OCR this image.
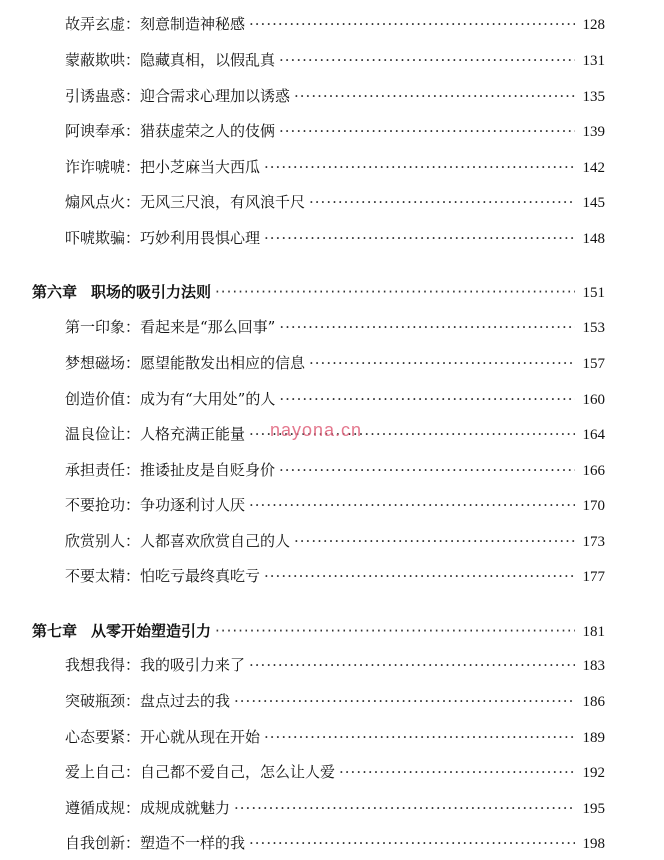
故弄玄虚：刻意制造神秘感 ·····	128
蒙蔽欺哄：隐藏真相，以假乱真 ·····	131
引诱蛊惑：迎合需求心理加以诱惑 ·····	135
阿谀奉承：猎获虚荣之人的伎俩 ·····	139
诈诈唬唬：把小芝麻当大西瓜 ·····	142
煽风点火：无风三尺浪，有风浪千尺 ·····	145
吓唬欺骗：巧妙利用畏惧心理 ·····	148
第六章 职场的吸引力法则 ·····	151
第一印象：看起来是“那么回事” ·····	153
梦想磁场：愿望能散发出相应的信息 ·····	157
创造价值：成为有“大用处”的人 ·····	160
温良俭让：人格充满正能量 ·····	164
承担责任：推诿扯皮是自贬身价 ·····	166
不要抢功：争功逐利讨人厌 ·····	170
欣赏别人：人都喜欢欣赏自己的人 ·····	173
不要太精：怕吃亏最终真吃亏 ·····	177
第七章 从零开始塑造引力 ·····	181
我想我得：我的吸引力来了 ·····	183
突破瓶颈：盘点过去的我 ·····	186
心态要紧：开心就从现在开始 ·····	189
爱上自己：自己都不爱自己，怎么让人爱 ·····	192
遵循成规：成规成就魅力 ·····	195
自我创新：塑造不一样的我 ·····	198
nayona.cn
